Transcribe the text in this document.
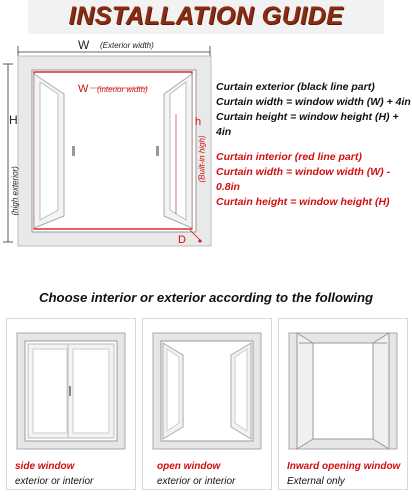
INSTALLATION GUIDE
W (Exterior width)
H
(high exterior)
W (interior width)
h
(Built-in high)
D
Curtain exterior (black line part)
Curtain width = window width (W) + 4in
Curtain height = window height (H) + 4in
Curtain interior (red line part)
Curtain width = window width (W) - 0.8in
Curtain height = window height (H)
Choose interior or exterior according to the following
side window
exterior or interior
open window
exterior or interior
Inward opening window
External only
